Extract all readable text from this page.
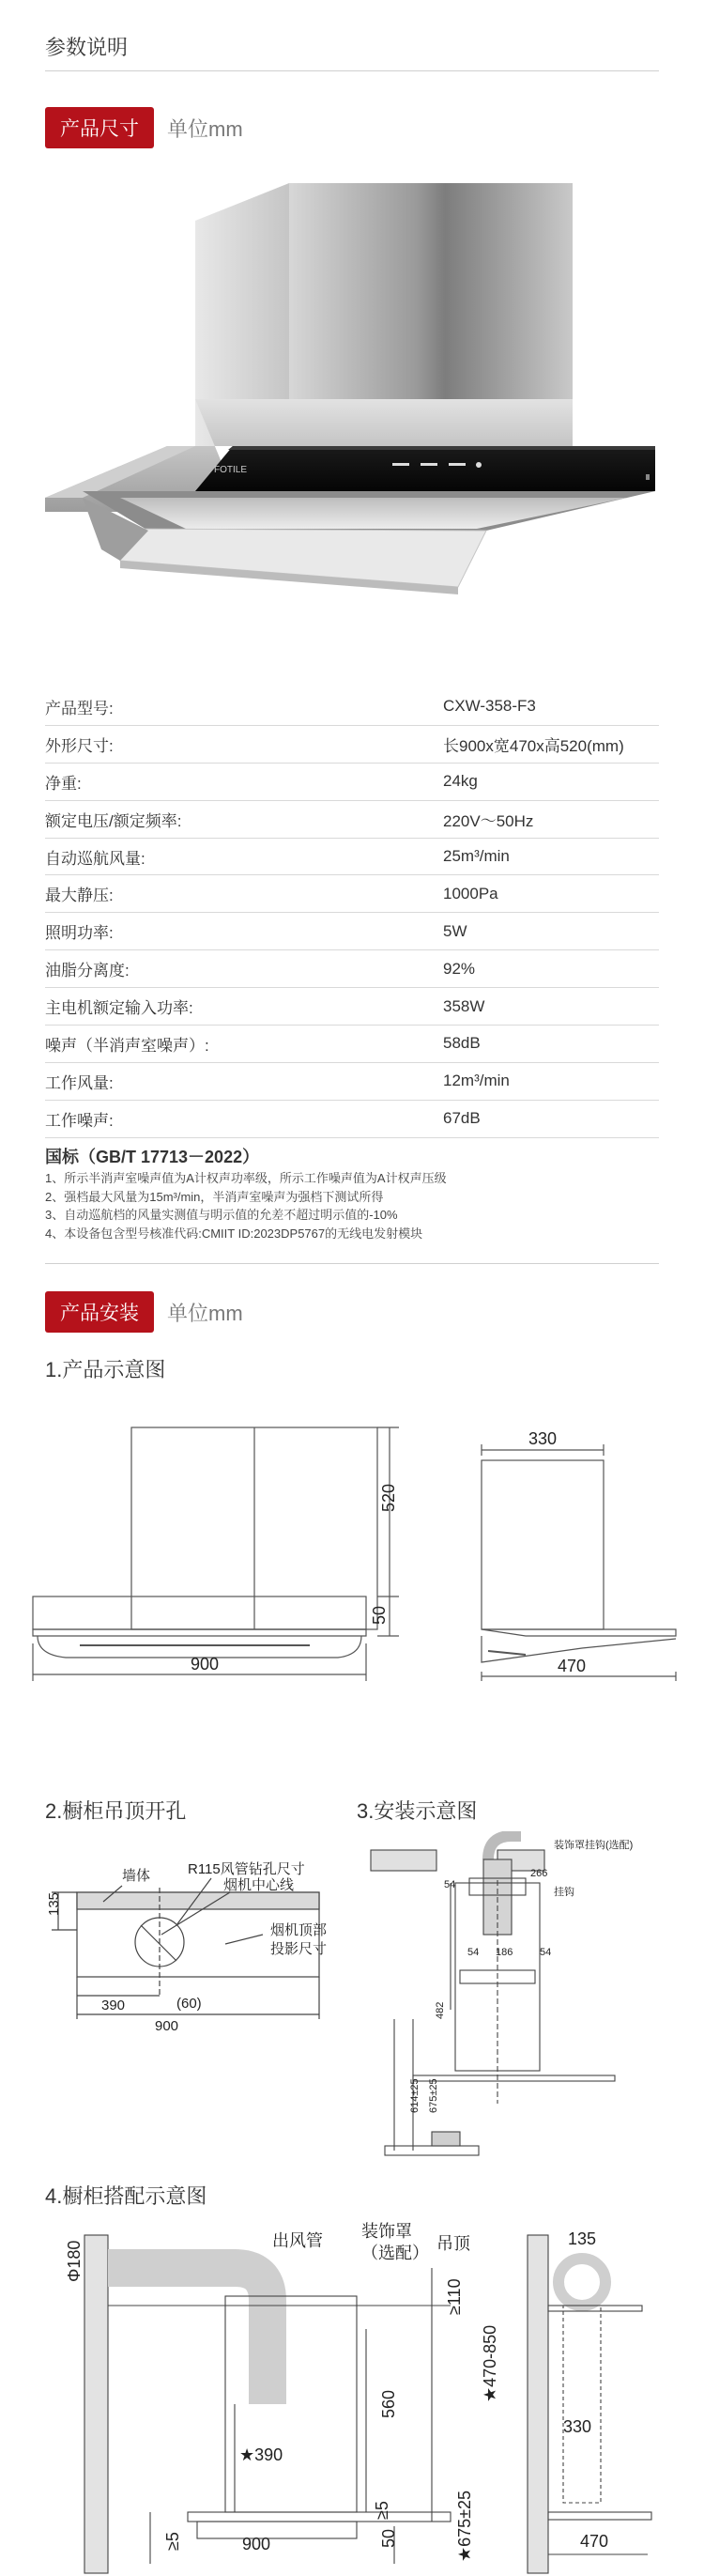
参数说明
产品尺寸	单位mm
FOTILE
产品型号:	CXW-358-F3
外形尺寸:	长900x宽470x高520(mm)
净重:	24kg
额定电压/额定频率:	220V～50Hz
自动巡航风量:	25m³/min
最大静压:	1000Pa
照明功率:	5W
油脂分离度:	92%
主电机额定输入功率:	358W
噪声（半消声室噪声）:	58dB
工作风量:	12m³/min
工作噪声:	67dB
国标（GB/T 17713－2022）
1、所示半消声室噪声值为A计权声功率级，所示工作噪声值为A计权声压级
2、强档最大风量为15m³/min，半消声室噪声为强档下测试所得
3、自动巡航档的风量实测值与明示值的允差不超过明示值的-10%
4、本设备包含型号核准代码:CMIIT ID:2023DP5767的无线电发射模块
产品安装	单位mm
1.产品示意图
900
520
50
330
470
2.橱柜吊顶开孔
墙体	R115风管钻孔尺寸
烟机中心线
烟机顶部
投影尺寸
135
390	(60)
900
3.安装示意图
装饰罩挂钩(选配)
挂钩
266
54
54	54
186
482
675±25
614±25
4.橱柜搭配示意图
Φ180	出风管 装饰罩
（选配） 吊顶
≥110
★390
560
★470-850
≥5	900	50
≥5	★675±25
135
330
470
